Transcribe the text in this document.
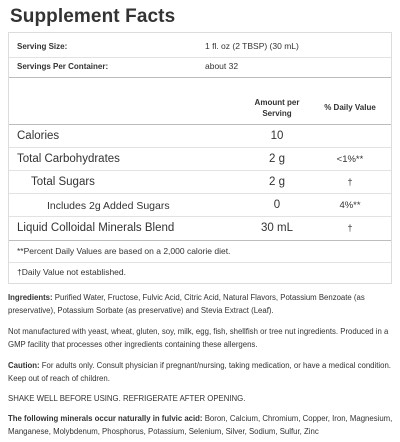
Supplement Facts
Serving Size:	1 fl. oz (2 TBSP) (30 mL)
Servings Per Container:	about 32
Amount per
Serving
% Daily Value
Calories	10
Total Carbohydrates	2 g	<1%**
Total Sugars	2 g	†
Includes 2g Added Sugars	0	4%**
Liquid Colloidal Minerals Blend	30 mL	†
**Percent Daily Values are based on a 2,000 calorie diet.
†Daily Value not established.
Ingredients: Purified Water, Fructose, Fulvic Acid, Citric Acid, Natural Flavors, Potassium Benzoate (as preservative), Potassium Sorbate (as preservative) and Stevia Extract (Leaf).
Not manufactured with yeast, wheat, gluten, soy, milk, egg, fish, shellfish or tree nut ingredients. Produced in a GMP facility that processes other ingredients containing these allergens.
Caution: For adults only. Consult physician if pregnant/nursing, taking medication, or have a medical condition. Keep out of reach of children.
SHAKE WELL BEFORE USING. REFRIGERATE AFTER OPENING.
The following minerals occur naturally in fulvic acid: Boron, Calcium, Chromium, Copper, Iron, Magnesium, Manganese, Molybdenum, Phosphorus, Potassium, Selenium, Silver, Sodium, Sulfur, Zinc
